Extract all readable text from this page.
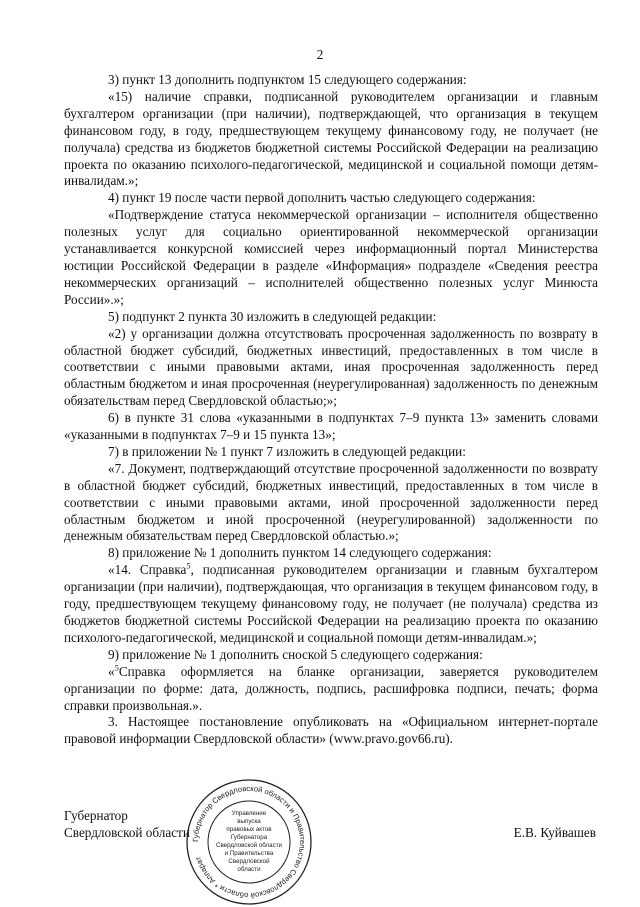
2

3) пункт 13 дополнить подпунктом 15 следующего содержания:

«15) наличие справки, подписанной руководителем организации и главным бухгалтером организации (при наличии), подтверждающей, что организация в текущем финансовом году, в году, предшествующем текущему финансовому году, не получает (не получала) средства из бюджетов бюджетной системы Российской Федерации на реализацию проекта по оказанию психолого-педагогической, медицинской и социальной помощи детям-инвалидам.»;

4) пункт 19 после части первой дополнить частью следующего содержания:

«Подтверждение статуса некоммерческой организации – исполнителя общественно полезных услуг для социально ориентированной некоммерческой организации устанавливается конкурсной комиссией через информационный портал Министерства юстиции Российской Федерации в разделе «Информация» подразделе «Сведения реестра некоммерческих организаций – исполнителей общественно полезных услуг Минюста России».»;

5) подпункт 2 пункта 30 изложить в следующей редакции:

«2) у организации должна отсутствовать просроченная задолженность по возврату в областной бюджет субсидий, бюджетных инвестиций, предоставленных в том числе в соответствии с иными правовыми актами, иная просроченная задолженность перед областным бюджетом и иная просроченная (неурегулированная) задолженность по денежным обязательствам перед Свердловской областью;»;

6) в пункте 31 слова «указанными в подпунктах 7–9 пункта 13» заменить словами «указанными в подпунктах 7–9 и 15 пункта 13»;

7) в приложении № 1 пункт 7 изложить в следующей редакции:

«7. Документ, подтверждающий отсутствие просроченной задолженности по возврату в областной бюджет субсидий, бюджетных инвестиций, предоставленных в том числе в соответствии с иными правовыми актами, иной просроченной задолженности перед областным бюджетом и иной просроченной (неурегулированной) задолженности по денежным обязательствам перед Свердловской областью.»;

8) приложение № 1 дополнить пунктом 14 следующего содержания:

«14. Справка$^5$, подписанная руководителем организации и главным бухгалтером организации (при наличии), подтверждающая, что организация в текущем финансовом году, в году, предшествующем текущему финансовому году, не получает (не получала) средства из бюджетов бюджетной системы Российской Федерации на реализацию проекта по оказанию психолого-педагогической, медицинской и социальной помощи детям-инвалидам.»;

9) приложение № 1 дополнить сноской 5 следующего содержания:

«$^5$Справка оформляется на бланке организации, заверяется руководителем организации по форме: дата, должность, подпись, расшифровка подписи, печать; форма справки произвольная.».

3. Настоящее постановление опубликовать на «Официальном интернет-портале правовой информации Свердловской области» (www.pravo.gov66.ru).

Губернатор
Свердловской области	Е.В. Куйвашев
Губернатор Свердловской области и Правительство Свердловской области * Аппарат
Управление
выпуска
правовых актов
Губернатора
Свердловской области
и Правительства
Свердловской
области
